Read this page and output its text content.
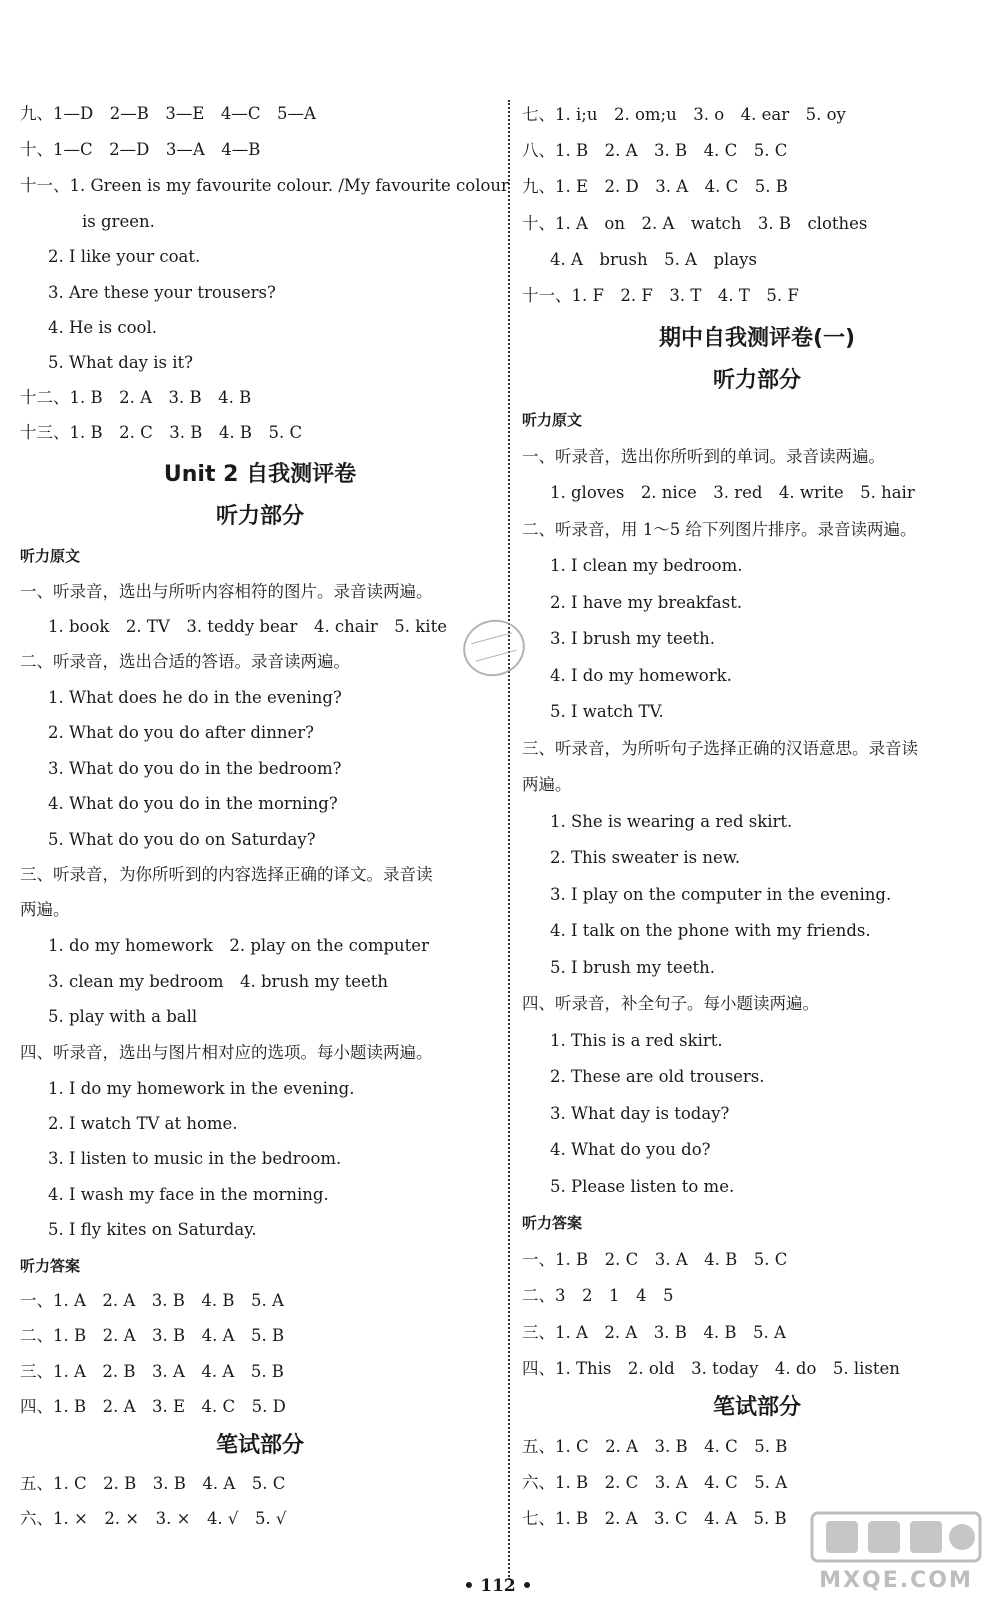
九、1—D　2—B　3—E　4—C　5—A
十、1—C　2—D　3—A　4—B
十一、1. Green is my favourite colour. /My favourite colour
is green.
2. I like your coat.
3. Are these your trousers?
4. He is cool.
5. What day is it?
十二、1. B　2. A　3. B　4. B
十三、1. B　2. C　3. B　4. B　5. C
Unit 2 自我测评卷
听力部分
听力原文
一、听录音，选出与所听内容相符的图片。录音读两遍。
1. book　2. TV　3. teddy bear　4. chair　5. kite
二、听录音，选出合适的答语。录音读两遍。
1. What does he do in the evening?
2. What do you do after dinner?
3. What do you do in the bedroom?
4. What do you do in the morning?
5. What do you do on Saturday?
三、听录音，为你所听到的内容选择正确的译文。录音读
两遍。
1. do my homework　2. play on the computer
3. clean my bedroom　4. brush my teeth
5. play with a ball
四、听录音，选出与图片相对应的选项。每小题读两遍。
1. I do my homework in the evening.
2. I watch TV at home.
3. I listen to music in the bedroom.
4. I wash my face in the morning.
5. I fly kites on Saturday.
听力答案
一、1. A　2. A　3. B　4. B　5. A
二、1. B　2. A　3. B　4. A　5. B
三、1. A　2. B　3. A　4. A　5. B
四、1. B　2. A　3. E　4. C　5. D
笔试部分
五、1. C　2. B　3. B　4. A　5. C
六、1. ×　2. ×　3. ×　4. √　5. √
七、1. i;u　2. om;u　3. o　4. ear　5. oy
八、1. B　2. A　3. B　4. C　5. C
九、1. E　2. D　3. A　4. C　5. B
十、1. A　on　2. A　watch　3. B　clothes
4. A　brush　5. A　plays
十一、1. F　2. F　3. T　4. T　5. F
期中自我测评卷(一)
听力部分
听力原文
一、听录音，选出你所听到的单词。录音读两遍。
1. gloves　2. nice　3. red　4. write　5. hair
二、听录音，用 1～5 给下列图片排序。录音读两遍。
1. I clean my bedroom.
2. I have my breakfast.
3. I brush my teeth.
4. I do my homework.
5. I watch TV.
三、听录音，为所听句子选择正确的汉语意思。录音读
两遍。
1. She is wearing a red skirt.
2. This sweater is new.
3. I play on the computer in the evening.
4. I talk on the phone with my friends.
5. I brush my teeth.
四、听录音，补全句子。每小题读两遍。
1. This is a red skirt.
2. These are old trousers.
3. What day is today?
4. What do you do?
5. Please listen to me.
听力答案
一、1. B　2. C　3. A　4. B　5. C
二、3　2　1　4　5
三、1. A　2. A　3. B　4. B　5. A
四、1. This　2. old　3. today　4. do　5. listen
笔试部分
五、1. C　2. A　3. B　4. C　5. B
六、1. B　2. C　3. A　4. C　5. A
七、1. B　2. A　3. C　4. A　5. B
MXQE.COM
• 112 •
